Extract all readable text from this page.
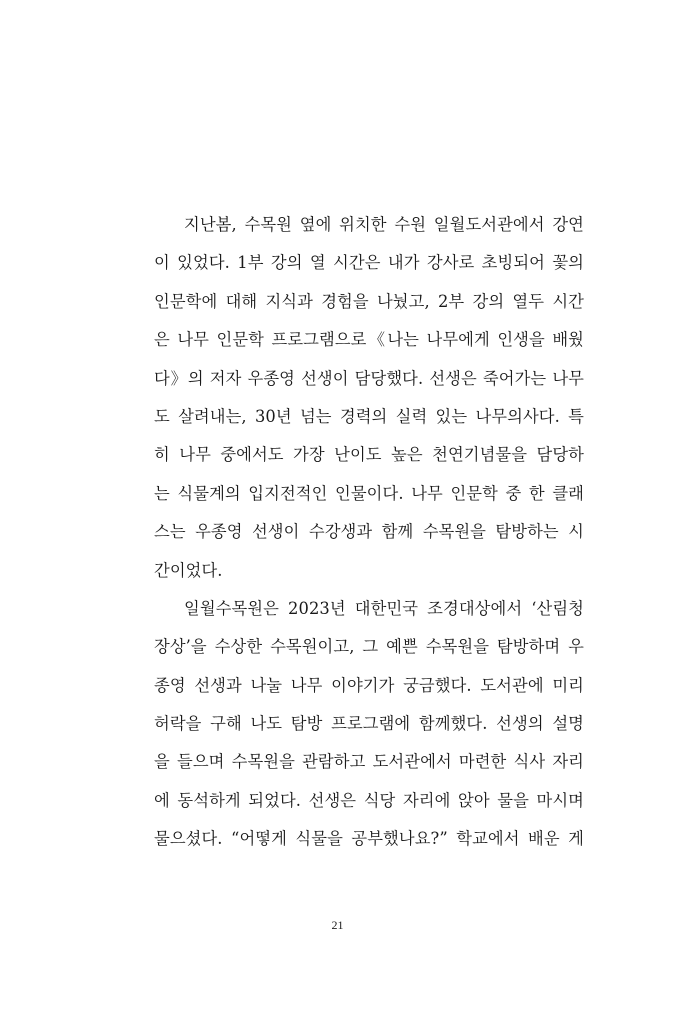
지난봄, 수목원 옆에 위치한 수원 일월도서관에서 강연
이 있었다. 1부 강의 열 시간은 내가 강사로 초빙되어 꽃의
인문학에 대해 지식과 경험을 나눴고, 2부 강의 열두 시간
은 나무 인문학 프로그램으로《나는 나무에게 인생을 배웠
다》의 저자 우종영 선생이 담당했다. 선생은 죽어가는 나무
도 살려내는, 30년 넘는 경력의 실력 있는 나무의사다. 특
히 나무 중에서도 가장 난이도 높은 천연기념물을 담당하
는 식물계의 입지전적인 인물이다. 나무 인문학 중 한 클래
스는 우종영 선생이 수강생과 함께 수목원을 탐방하는 시
간이었다.
일월수목원은 2023년 대한민국 조경대상에서 ‘산림청
장상’을 수상한 수목원이고, 그 예쁜 수목원을 탐방하며 우
종영 선생과 나눌 나무 이야기가 궁금했다. 도서관에 미리
허락을 구해 나도 탐방 프로그램에 함께했다. 선생의 설명
을 들으며 수목원을 관람하고 도서관에서 마련한 식사 자리
에 동석하게 되었다. 선생은 식당 자리에 앉아 물을 마시며
물으셨다. “어떻게 식물을 공부했나요?” 학교에서 배운 게
21
